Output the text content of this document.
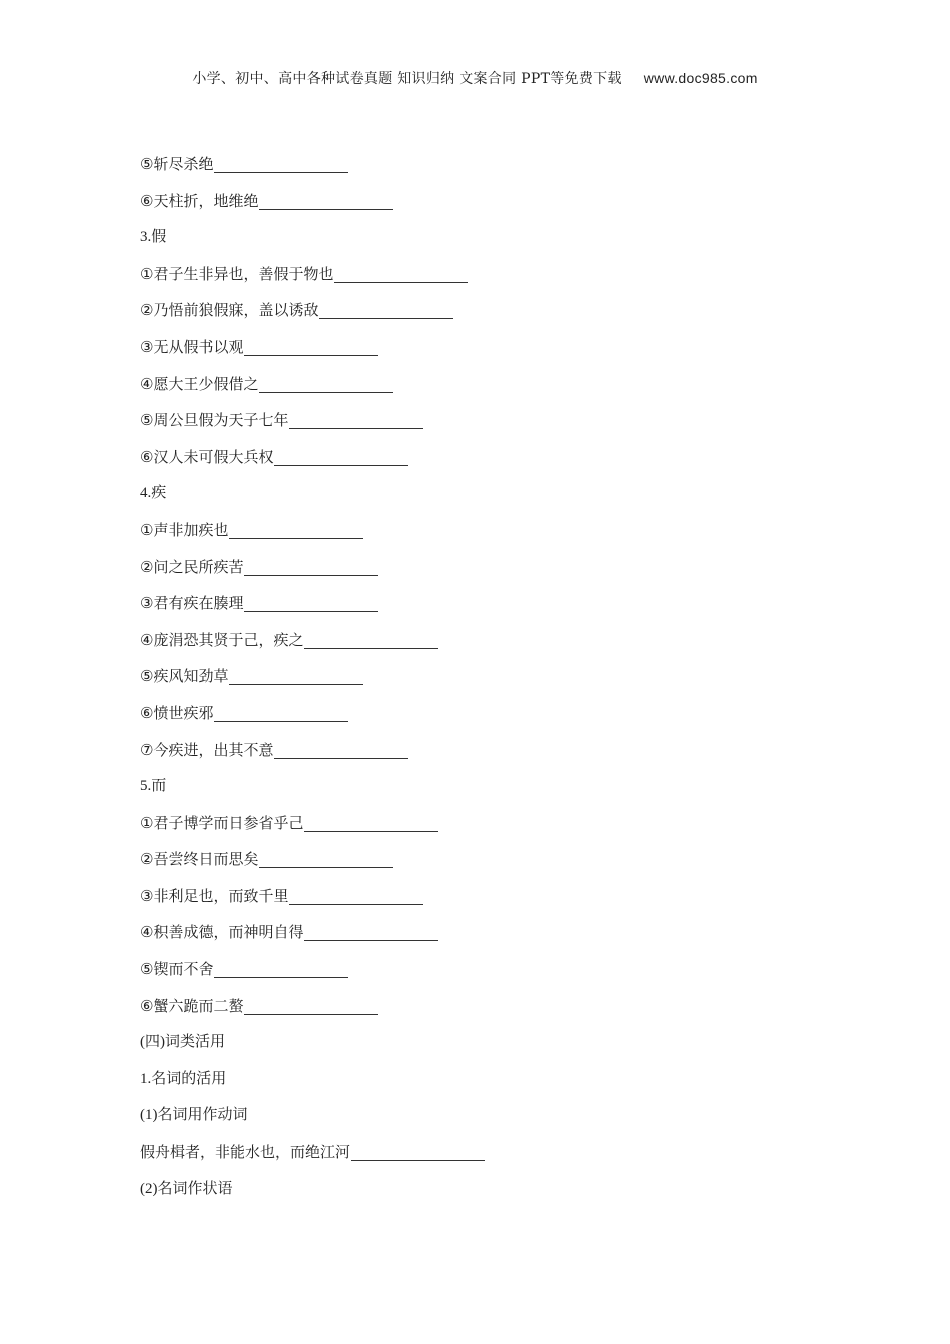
小学、初中、高中各种试卷真题 知识归纳 文案合同 PPT等免费下载 www.doc985.com
⑤斩尽杀绝
⑥天柱折，地维绝
3.假
①君子生非异也，善假于物也
②乃悟前狼假寐，盖以诱敌
③无从假书以观
④愿大王少假借之
⑤周公旦假为天子七年
⑥汉人未可假大兵权
4.疾
①声非加疾也
②问之民所疾苦
③君有疾在腠理
④庞涓恐其贤于己，疾之
⑤疾风知劲草
⑥愤世疾邪
⑦今疾进，出其不意
5.而
①君子博学而日参省乎己
②吾尝终日而思矣
③非利足也，而致千里
④积善成德，而神明自得
⑤锲而不舍
⑥蟹六跪而二螯
(四)词类活用
1.名词的活用
(1)名词用作动词
假舟楫者，非能水也，而绝江河
(2)名词作状语
